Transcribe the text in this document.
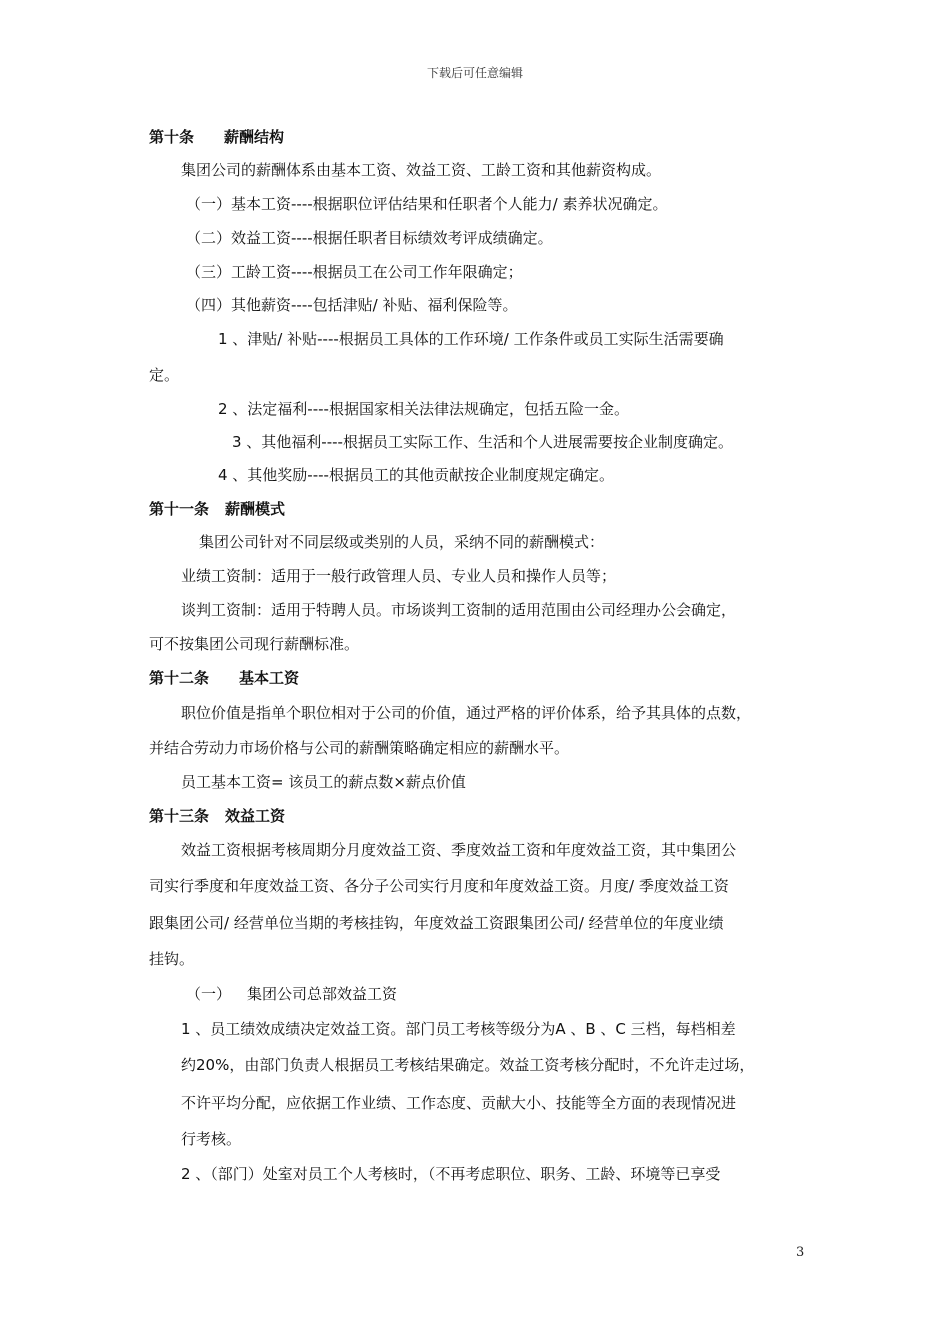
下载后可任意编辑
第十条 薪酬结构
集团公司的薪酬体系由基本工资、效益工资、工龄工资和其他薪资构成。
（一）基本工资----根据职位评估结果和任职者个人能力/ 素养状况确定。
（二）效益工资----根据任职者目标绩效考评成绩确定。
（三）工龄工资----根据员工在公司工作年限确定；
（四）其他薪资----包括津贴/ 补贴、福利保险等。
1 、津贴/ 补贴----根据员工具体的工作环境/ 工作条件或员工实际生活需要确
定。
2 、法定福利----根据国家相关法律法规确定，包括五险一金。
3 、其他福利----根据员工实际工作、生活和个人进展需要按企业制度确定。
4 、其他奖励----根据员工的其他贡献按企业制度规定确定。
第十一条 薪酬模式
集团公司针对不同层级或类别的人员，采纳不同的薪酬模式：
业绩工资制：适用于一般行政管理人员、专业人员和操作人员等；
谈判工资制：适用于特聘人员。市场谈判工资制的适用范围由公司经理办公会确定，
可不按集团公司现行薪酬标准。
第十二条 基本工资
职位价值是指单个职位相对于公司的价值，通过严格的评价体系，给予其具体的点数，
并结合劳动力市场价格与公司的薪酬策略确定相应的薪酬水平。
员工基本工资= 该员工的薪点数×薪点价值
第十三条 效益工资
效益工资根据考核周期分月度效益工资、季度效益工资和年度效益工资，其中集团公
司实行季度和年度效益工资、各分子公司实行月度和年度效益工资。月度/ 季度效益工资
跟集团公司/ 经营单位当期的考核挂钩，年度效益工资跟集团公司/ 经营单位的年度业绩
挂钩。
（一） 集团公司总部效益工资
1 、员工绩效成绩决定效益工资。部门员工考核等级分为A 、B 、C 三档，每档相差
约20%，由部门负责人根据员工考核结果确定。效益工资考核分配时，不允许走过场，
不许平均分配，应依据工作业绩、工作态度、贡献大小、技能等全方面的表现情况进
行考核。
2 、（部门）处室对员工个人考核时，（不再考虑职位、职务、工龄、环境等已享受
3
